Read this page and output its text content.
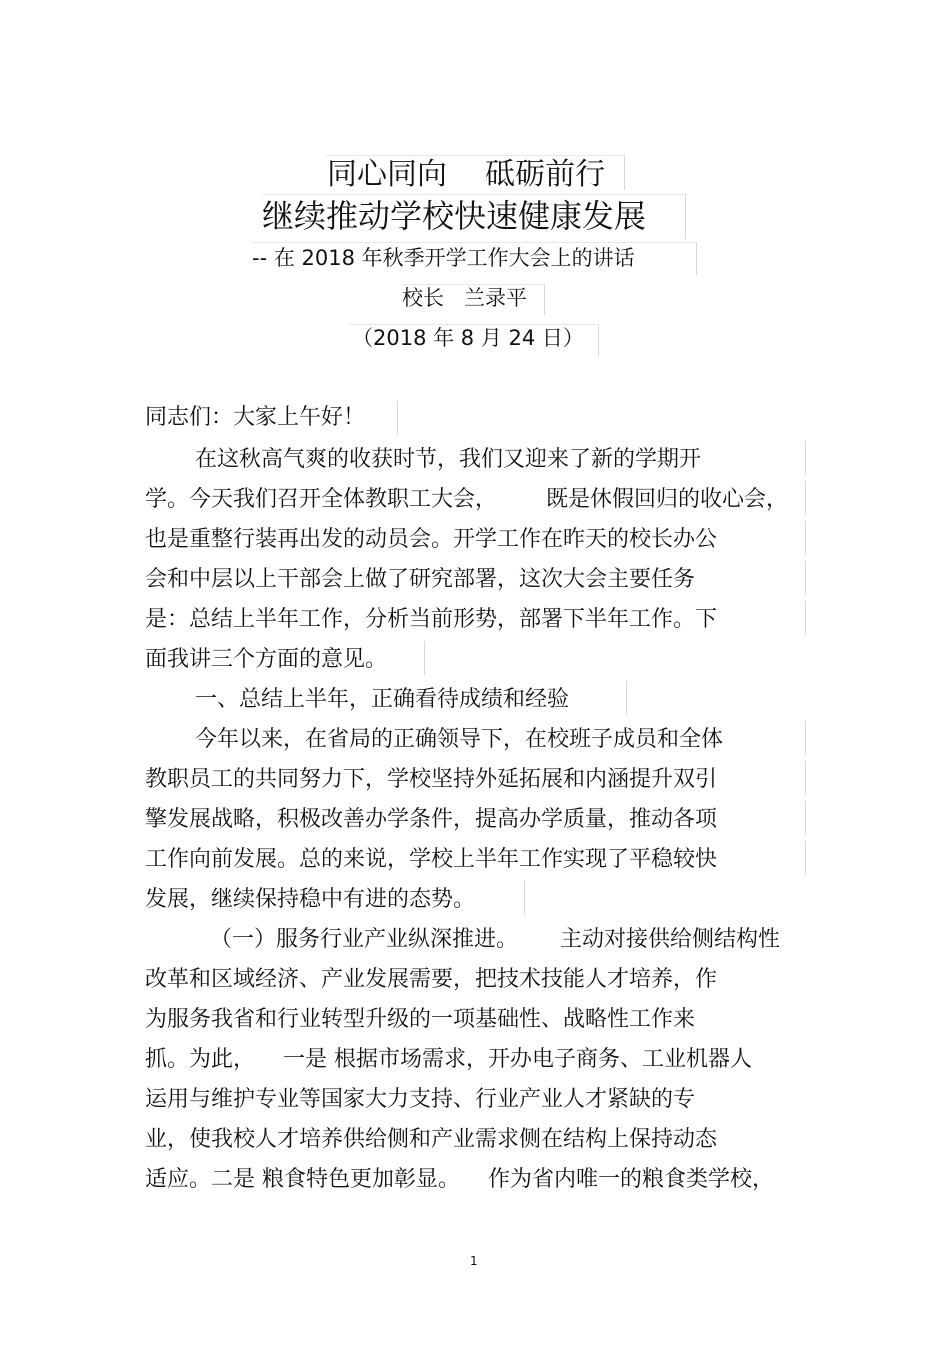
同心同向    砥砺前行
继续推动学校快速健康发展
-- 在 2018 年秋季开学工作大会上的讲话
校长   兰录平
（2018 年 8 月 24 日）
同志们：大家上午好！
在这秋高气爽的收获时节，我们又迎来了新的学期开
学。今天我们召开全体教职工大会，       既是休假回归的收心会，
也是重整行装再出发的动员会。开学工作在昨天的校长办公
会和中层以上干部会上做了研究部署，这次大会主要任务
是：总结上半年工作，分析当前形势，部署下半年工作。下
面我讲三个方面的意见。
一、总结上半年，正确看待成绩和经验
今年以来，在省局的正确领导下，在校班子成员和全体
教职员工的共同努力下，学校坚持外延拓展和内涵提升双引
擎发展战略，积极改善办学条件，提高办学质量，推动各项
工作向前发展。总的来说，学校上半年工作实现了平稳较快
发展，继续保持稳中有进的态势。
（一）服务行业产业纵深推进。      主动对接供给侧结构性
改革和区域经济、产业发展需要，把技术技能人才培养，作
为服务我省和行业转型升级的一项基础性、战略性工作来
抓。为此，    一是 根据市场需求，开办电子商务、工业机器人
运用与维护专业等国家大力支持、行业产业人才紧缺的专
业，使我校人才培养供给侧和产业需求侧在结构上保持动态
适应。二是 粮食特色更加彰显。    作为省内唯一的粮食类学校，
1
